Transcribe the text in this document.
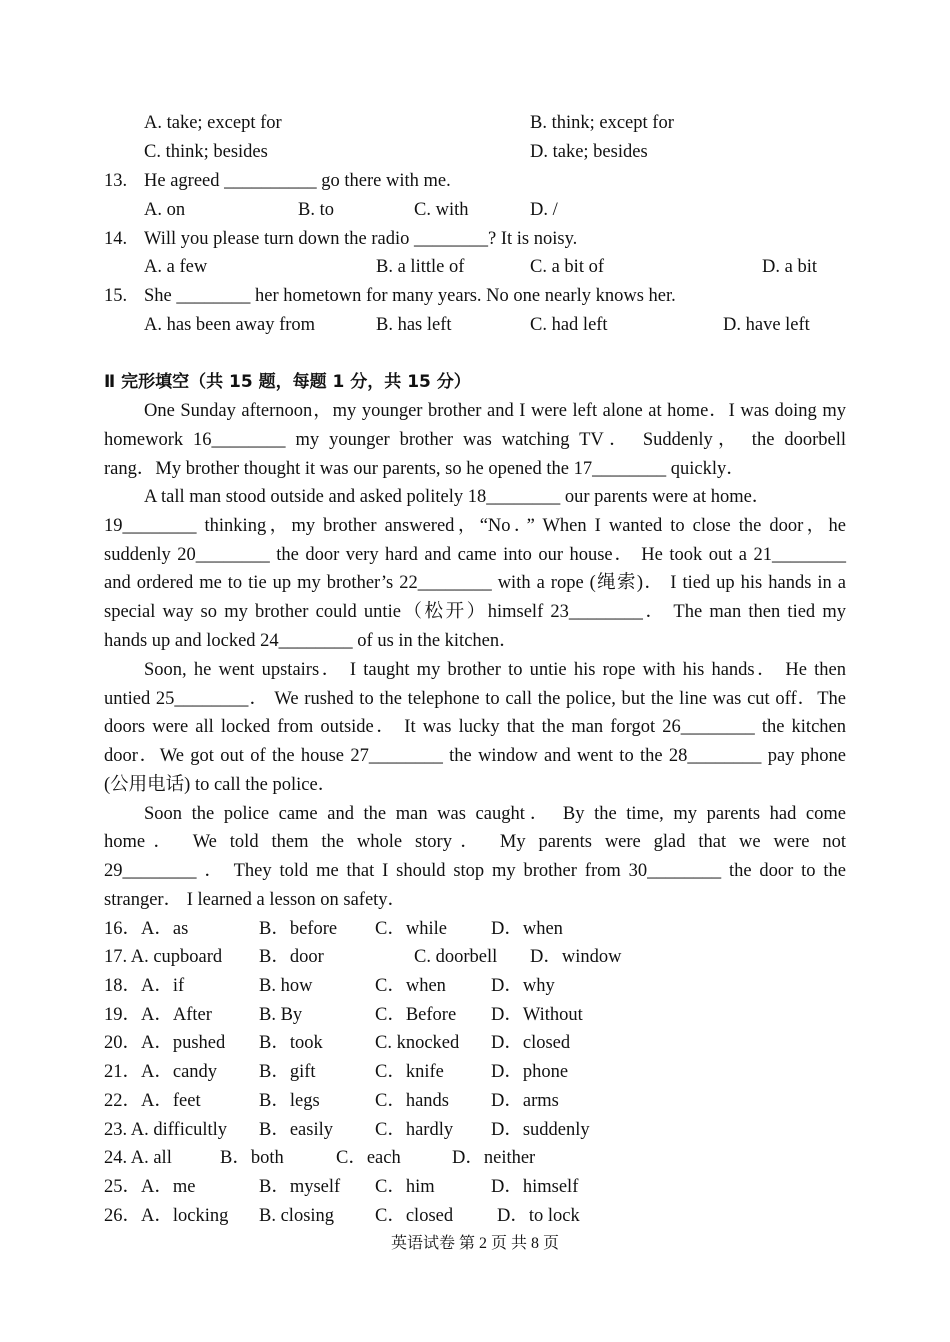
A. take; except for	B. think; except for
C. think; besides	D. take; besides
13. He agreed __________ go there with me.
A. on	B. to	C. with	D. /
14. Will you please turn down the radio ________? It is noisy.
A. a few	B. a little of	C. a bit of	D. a bit
15. She ________ her hometown for many years. No one nearly knows her.
A. has been away from	B. has left	C. had left	D. have left
Ⅱ 完形填空（共 15 题，每题 1 分，共 15 分）
One Sunday afternoon，my younger brother and I were left alone at home．I was doing my
homework 16________ my younger brother was watching TV． Suddenly， the doorbell
rang．My brother thought it was our parents, so he opened the 17________ quickly．
A tall man stood outside and asked politely 18________ our parents were at home．
19________ thinking，my brother answered，“No．” When I wanted to close the door，he
suddenly 20________ the door very hard and came into our house． He took out a 21________
and ordered me to tie up my brother’s 22________ with a rope (绳索)． I tied up his hands in a
special way so my brother could untie（松开）himself 23________． The man then tied my
hands up and locked 24________ of us in the kitchen．
Soon, he went upstairs． I taught my brother to untie his rope with his hands． He then
untied 25________． We rushed to the telephone to call the police, but the line was cut off．The
doors were all locked from outside． It was lucky that the man forgot 26________ the kitchen
door．We got out of the house 27________ the window and went to the 28________ pay phone
(公用电话) to call the police．
Soon the police came and the man was caught． By the time, my parents had come
home． We told them the whole story． My parents were glad that we were not
29________ ． They told me that I should stop my brother from 30________ the door to the
stranger． I learned a lesson on safety．
16．A．as	B．before C．while D．when
17. A. cupboard B．door	C. doorbell D．window
18．A．if	B. how	C．when D．why
19．A．After	B. By	C．Before D．Without
20．A．pushed B．took	C. knocked D．closed
21．A．candy B．gift	C．knife	D．phone
22．A．feet	B．legs	C．hands D．arms
23. A. difficultly B．easily C．hardly D．suddenly
24. A. all	B．both	C．each	D．neither
25．A．me	B．myself C．him	D．himself
26．A．locking B. closing C．closed D．to lock
英语试卷 第 2 页 共 8 页
